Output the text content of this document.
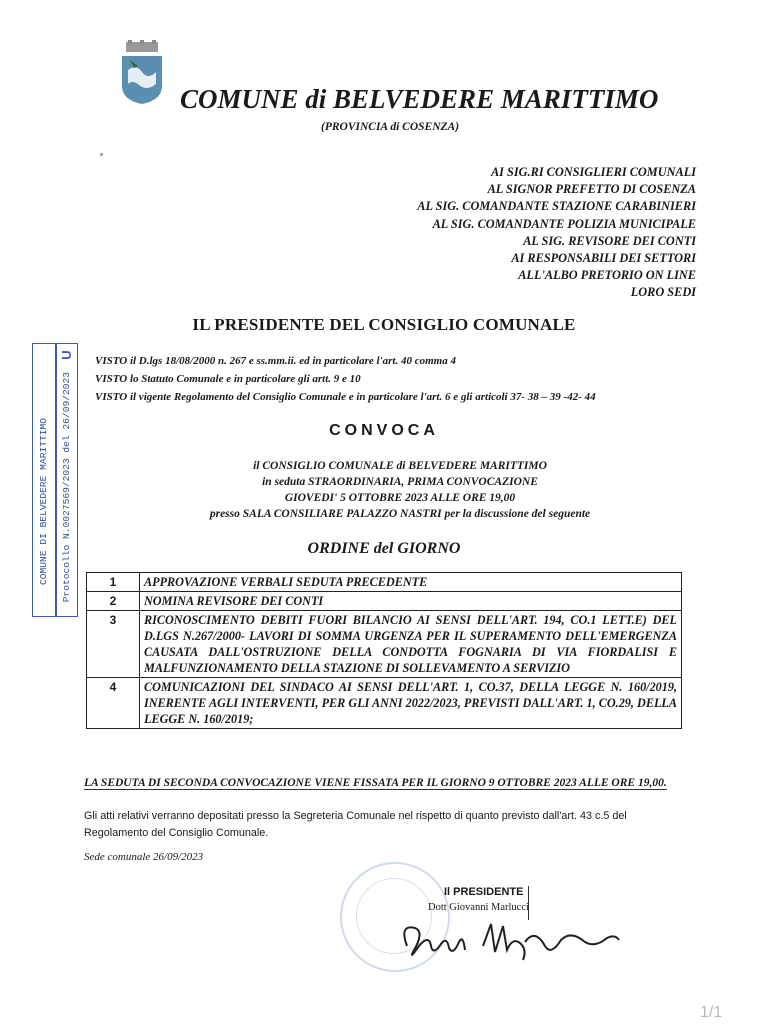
COMUNE di BELVEDERE MARITTIMO
(PROVINCIA di COSENZA)
AI SIG.RI CONSIGLIERI COMUNALI
AL SIGNOR PREFETTO DI COSENZA
AL SIG. COMANDANTE STAZIONE CARABINIERI
AL SIG. COMANDANTE POLIZIA MUNICIPALE
AL SIG. REVISORE DEI CONTI
AI RESPONSABILI DEI SETTORI
ALL'ALBO PRETORIO ON LINE
LORO SEDI
IL PRESIDENTE DEL CONSIGLIO COMUNALE
VISTO il D.lgs 18/08/2000 n. 267 e ss.mm.ii. ed in particolare l'art. 40 comma 4
VISTO lo Statuto Comunale e in particolare gli artt. 9 e 10
VISTO il vigente Regolamento del Consiglio Comunale e in particolare l'art. 6 e gli articoli 37- 38 – 39 -42- 44
CONVOCA
il CONSIGLIO COMUNALE di BELVEDERE MARITTIMO
in seduta STRAORDINARIA, PRIMA CONVOCAZIONE
GIOVEDI' 5 OTTOBRE 2023 ALLE ORE 19,00
presso SALA CONSILIARE PALAZZO NASTRI per la discussione del seguente
ORDINE del GIORNO
1	APPROVAZIONE VERBALI SEDUTA PRECEDENTE
2	NOMINA REVISORE DEI CONTI
3	RICONOSCIMENTO DEBITI FUORI BILANCIO AI SENSI DELL'ART. 194, CO.1 LETT.E) DEL D.LGS N.267/2000- LAVORI DI SOMMA URGENZA PER IL SUPERAMENTO DELL'EMERGENZA CAUSATA DALL'OSTRUZIONE DELLA CONDOTTA FOGNARIA DI VIA FIORDALISI E MALFUNZIONAMENTO DELLA STAZIONE DI SOLLEVAMENTO A SERVIZIO
4	COMUNICAZIONI DEL SINDACO AI SENSI DELL'ART. 1, CO.37, DELLA LEGGE N. 160/2019, INERENTE AGLI INTERVENTI, PER GLI ANNI 2022/2023, PREVISTI DALL'ART. 1, CO.29, DELLA LEGGE N. 160/2019;
LA SEDUTA DI SECONDA CONVOCAZIONE VIENE FISSATA PER IL GIORNO 9 OTTOBRE 2023 ALLE ORE 19,00.
Gli atti relativi verranno depositati presso la Segreteria Comunale nel rispetto di quanto previsto dall'art. 43 c.5 del Regolamento del Consiglio Comunale.
Sede comunale 26/09/2023
Il PRESIDENTE
Dott Giovanni Marlucci
U
COMUNE DI BELVEDERE MARITTIMO Protocollo N.0027569/2023 del 26/09/2023
1/1
